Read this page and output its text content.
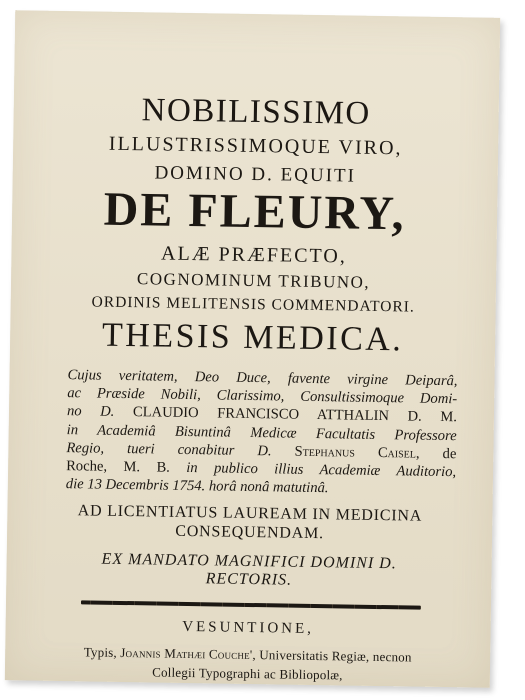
NOBILISSIMO
ILLUSTRISSIMOQUE VIRO,
DOMINO D. EQUITI
DE FLEURY,
ALÆ PRÆFECTO,
COGNOMINUM TRIBUNO,
ORDINIS MELITENSIS COMMENDATORI.
THESIS MEDICA.
Cujus veritatem, Deo Duce, favente virgine Deiparâ,
ac Præside Nobili, Clarissimo, Consultissimoque Domi-
no D. CLAUDIO FRANCISCO ATTHALIN D. M.
in Academiâ Bisuntinâ Medicæ Facultatis Professore
Regio, tueri conabitur D. Stephanus Caisel, de
Roche, M. B. in publico illius Academiæ Auditorio,
die 13 Decembris 1754. horâ nonâ matutinâ.
AD LICENTIATUS LAUREAM IN MEDICINA
CONSEQUENDAM.
EX MANDATO MAGNIFICI DOMINI D.
RECTORIS.
VESUNTIONE,
Typis, Joannis Mathæi Couche', Universitatis Regiæ, necnon
Collegii Typographi ac Bibliopolæ,
